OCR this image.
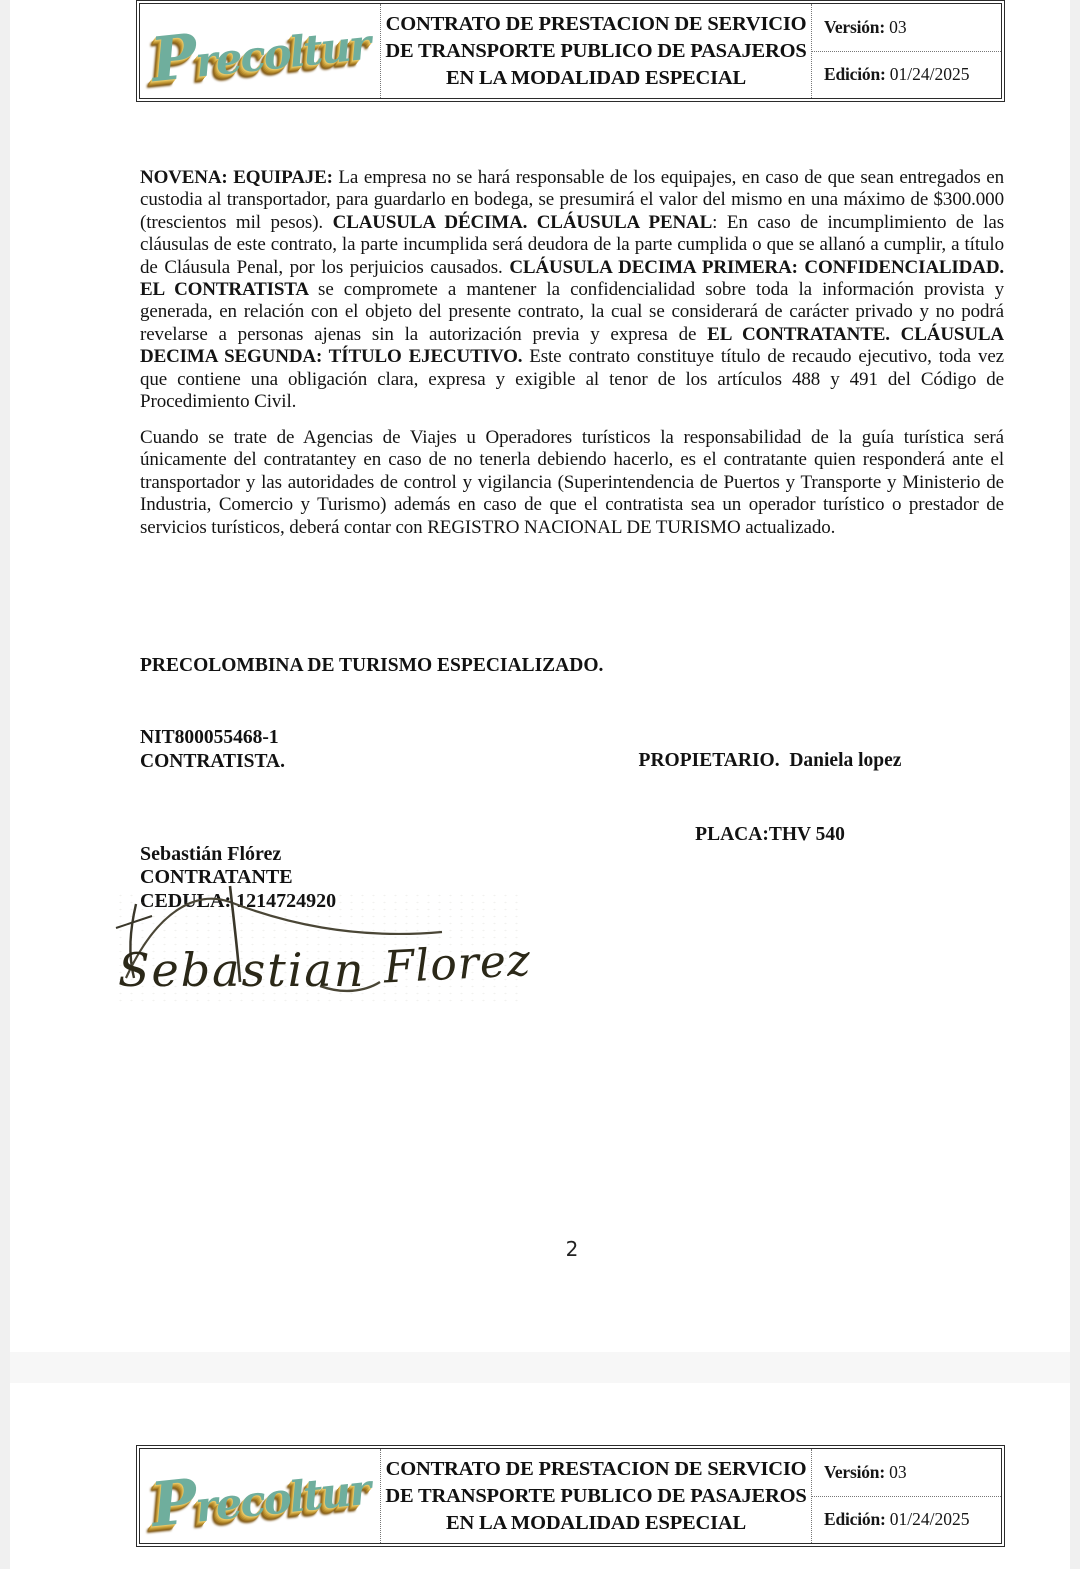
Precoltur CONTRATO DE PRESTACION DE SERVICIO
DE TRANSPORTE PUBLICO DE PASAJEROS
EN LA MODALIDAD ESPECIAL
Versión: 03
Edición: 01/24/2025
NOVENA: EQUIPAJE: La empresa no se hará responsable de los equipajes, en caso de que sean entregados en custodia al transportador, para guardarlo en bodega, se presumirá el valor del mismo en una máximo de $300.000 (trescientos mil pesos). CLAUSULA DÉCIMA. CLÁUSULA PENAL: En caso de incumplimiento de las cláusulas de este contrato, la parte incumplida será deudora de la parte cumplida o que se allanó a cumplir, a título de Cláusula Penal, por los perjuicios causados. CLÁUSULA DECIMA PRIMERA: CONFIDENCIALIDAD. EL CONTRATISTA se compromete a mantener la confidencialidad sobre toda la información provista y generada, en relación con el objeto del presente contrato, la cual se considerará de carácter privado y no podrá revelarse a personas ajenas sin la autorización previa y expresa de EL CONTRATANTE. CLÁUSULA DECIMA SEGUNDA: TÍTULO EJECUTIVO. Este contrato constituye título de recaudo ejecutivo, toda vez que contiene una obligación clara, expresa y exigible al tenor de los artículos 488 y 491 del Código de Procedimiento Civil.
Cuando se trate de Agencias de Viajes u Operadores turísticos la responsabilidad de la guía turística será únicamente del contratantey en caso de no tenerla debiendo hacerlo, es el contratante quien responderá ante el transportador y las autoridades de control y vigilancia (Superintendencia de Puertos y Transporte y Ministerio de Industria, Comercio y Turismo) además en caso de que el contratista sea un operador turístico o prestador de servicios turísticos, deberá contar con REGISTRO NACIONAL DE TURISMO actualizado.
PRECOLOMBINA DE TURISMO ESPECIALIZADO.

PROPIETARIO.  Daniela lopez

PLACA:THV 540

NIT800055468-1
CONTRATISTA.
Sebastián Flórez
CONTRATANTE
CEDULA: 1214724920
Sebastian Florez
2
Precoltur CONTRATO DE PRESTACION DE SERVICIO
DE TRANSPORTE PUBLICO DE PASAJEROS
EN LA MODALIDAD ESPECIAL
Versión: 03
Edición: 01/24/2025
